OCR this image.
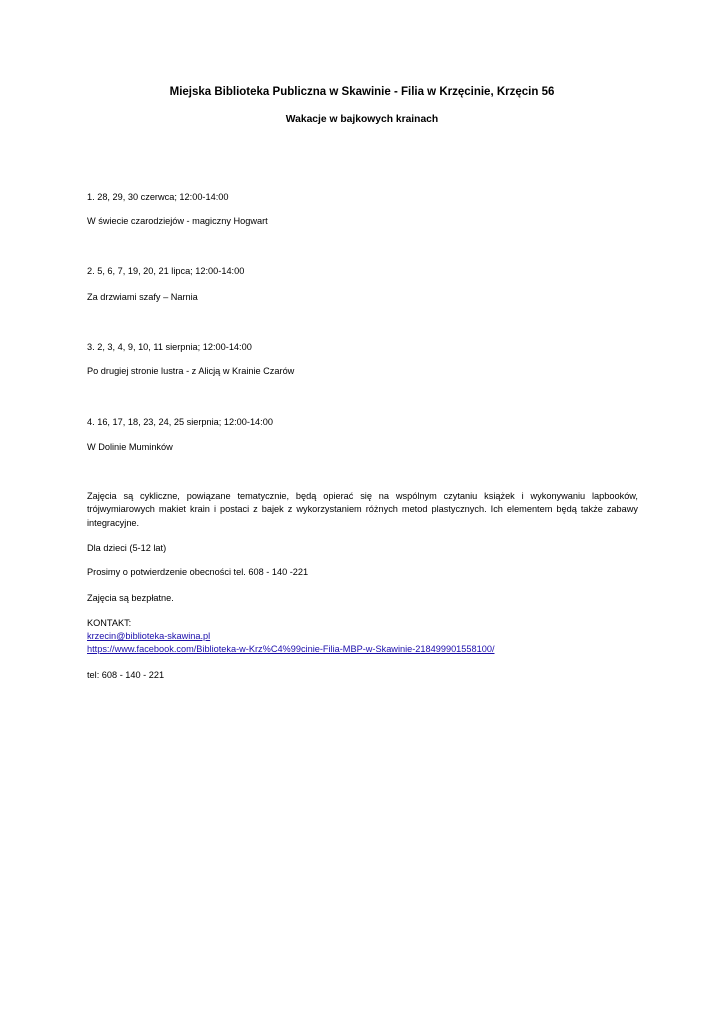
Miejska Biblioteka Publiczna w Skawinie - Filia w Krzęcinie, Krzęcin 56
Wakacje w bajkowych krainach
1. 28, 29, 30 czerwca; 12:00-14:00
W świecie czarodziejów - magiczny Hogwart
2. 5, 6, 7, 19, 20, 21 lipca; 12:00-14:00
Za drzwiami szafy – Narnia
3. 2, 3, 4, 9, 10, 11 sierpnia; 12:00-14:00
Po drugiej stronie lustra - z Alicją w Krainie Czarów
4. 16, 17, 18, 23, 24, 25 sierpnia; 12:00-14:00
W Dolinie Muminków
Zajęcia są cykliczne, powiązane tematycznie, będą opierać się na wspólnym czytaniu książek i wykonywaniu lapbooków, trójwymiarowych makiet krain i postaci z bajek z wykorzystaniem różnych metod plastycznych. Ich elementem będą także zabawy integracyjne.
Dla dzieci (5-12 lat)
Prosimy o potwierdzenie obecności tel. 608 - 140 -221
Zajęcia są bezpłatne.
KONTAKT:
krzecin@biblioteka-skawina.pl
https://www.facebook.com/Biblioteka-w-Krz%C4%99cinie-Filia-MBP-w-Skawinie-218499901558100/
tel: 608 - 140 - 221
